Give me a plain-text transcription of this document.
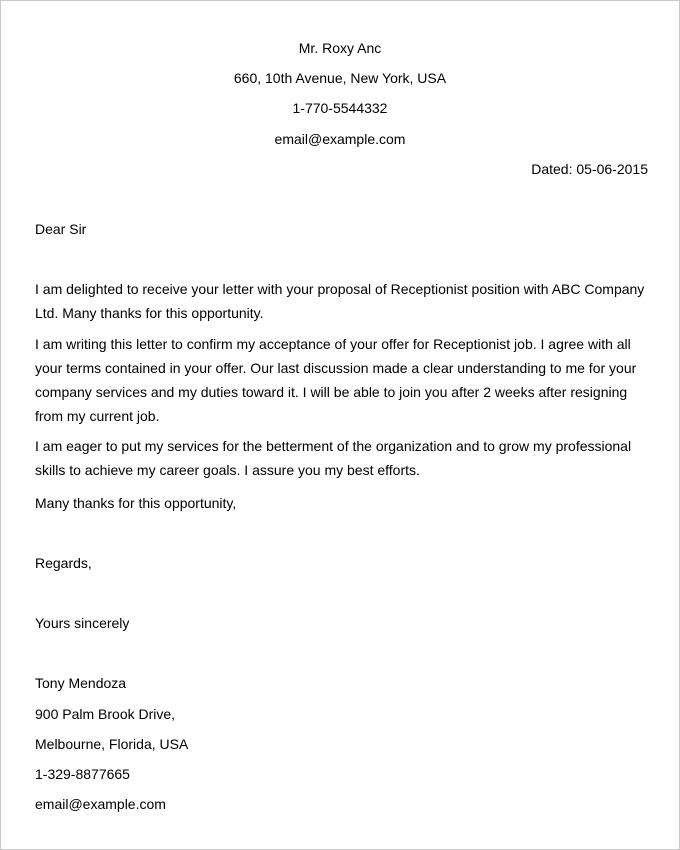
Mr. Roxy Anc

660, 10th Avenue, New York, USA

1-770-5544332

email@example.com

Dated: 05-06-2015

Dear Sir

I am delighted to receive your letter with your proposal of Receptionist position with ABC Company Ltd. Many thanks for this opportunity.

I am writing this letter to confirm my acceptance of your offer for Receptionist job. I agree with all your terms contained in your offer. Our last discussion made a clear understanding to me for your company services and my duties toward it. I will be able to join you after 2 weeks after resigning from my current job.

I am eager to put my services for the betterment of the organization and to grow my professional skills to achieve my career goals. I assure you my best efforts.

Many thanks for this opportunity,

Regards,

Yours sincerely

Tony Mendoza

900 Palm Brook Drive,

Melbourne, Florida, USA

1-329-8877665

email@example.com
